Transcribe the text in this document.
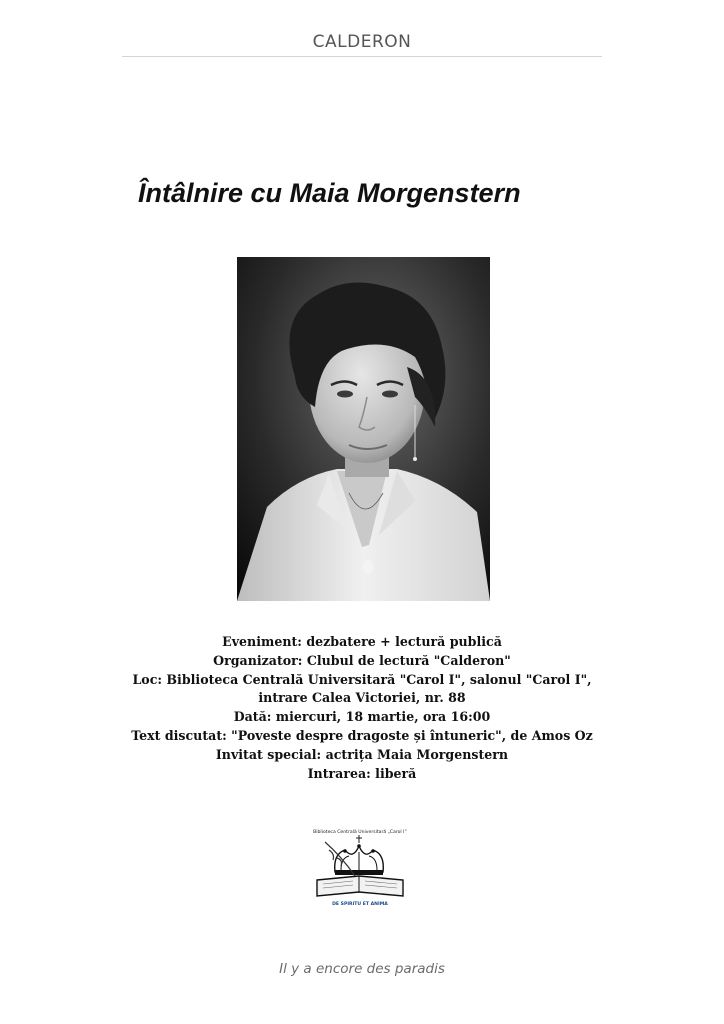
CALDERON
Întâlnire cu Maia Morgenstern
Eveniment: dezbatere + lectură publică
Organizator: Clubul de lectură "Calderon"
Loc: Biblioteca Centrală Universitară "Carol I", salonul "Carol I",
intrare Calea Victoriei, nr. 88
Dată: miercuri, 18 martie, ora 16:00
Text discutat: "Poveste despre dragoste și întuneric", de Amos Oz
Invitat special: actrița Maia Morgenstern
Intrarea: liberă
Biblioteca Centrală Universitară „Carol I”
DE SPIRITU ET ANIMA
Il y a encore des paradis
